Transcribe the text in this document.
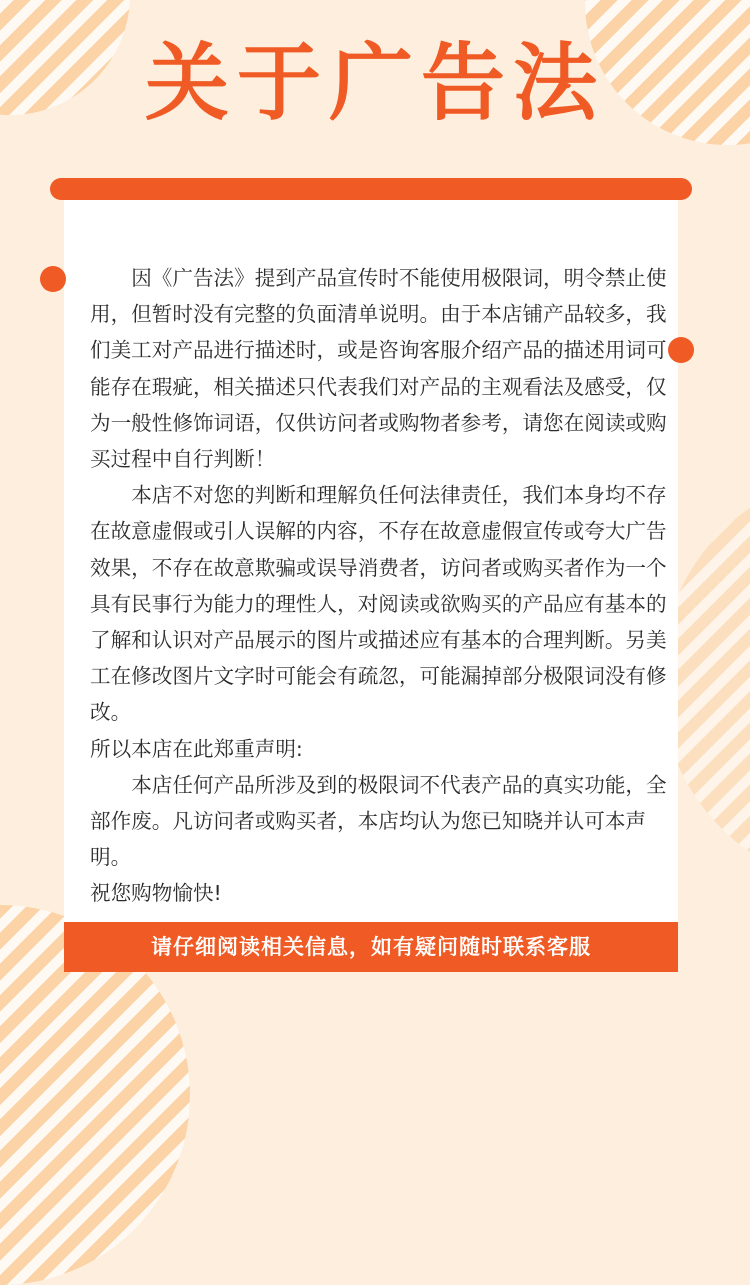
关于广告法

因《广告法》提到产品宣传时不能使用极限词，明令禁止使用，但暂时没有完整的负面清单说明。由于本店铺产品较多，我们美工对产品进行描述时，或是咨询客服介绍产品的描述用词可能存在瑕疵，相关描述只代表我们对产品的主观看法及感受，仅为一般性修饰词语，仅供访问者或购物者参考，请您在阅读或购买过程中自行判断！

本店不对您的判断和理解负任何法律责任，我们本身均不存在故意虚假或引人误解的内容，不存在故意虚假宣传或夸大广告效果，不存在故意欺骗或误导消费者，访问者或购买者作为一个具有民事行为能力的理性人，对阅读或欲购买的产品应有基本的了解和认识对产品展示的图片或描述应有基本的合理判断。另美工在修改图片文字时可能会有疏忽，可能漏掉部分极限词没有修改。

所以本店在此郑重声明:

本店任何产品所涉及到的极限词不代表产品的真实功能，全部作废。凡访问者或购买者，本店均认为您已知晓并认可本声明。

祝您购物愉快!

请仔细阅读相关信息，如有疑问随时联系客服
